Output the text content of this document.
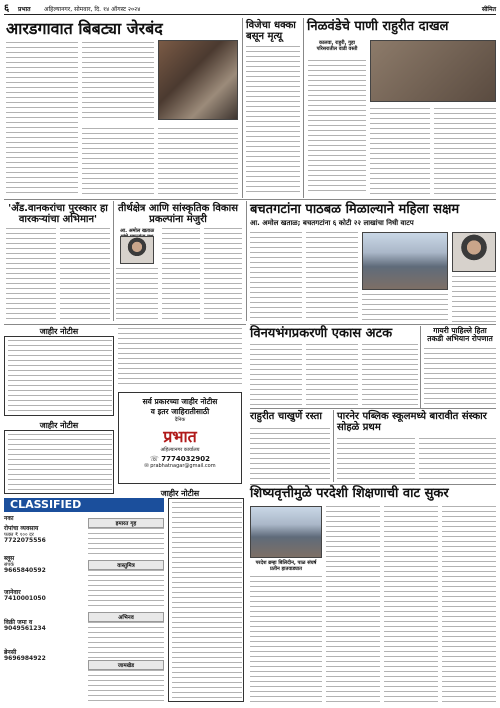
६ प्रभात अहिल्यानगर, सोमवार, दि. १४ ऑगस्ट २०२४	सीमित
आरडगावात बिबट्या जेरबंद	विजेचा धक्का बसून मृत्यू
निळवंडेचे पाणी राहुरीत दाखल
कालवा, राहुरी, गुहा परिसरातील वाडी वस्ती
'अँड.वानकरांचा पुरस्कार हा वारकऱ्यांचा अभिमान'
तीर्थक्षेत्र आणि सांस्कृतिक विकास प्रकल्पांना मंजुरी
आ. अमोल खताळ
बचतगटांना पाठबळ मिळाल्याने महिला सक्षम
आ. अमोल खताळ; बचतगटांना ६ कोटी २२ लाखांचा निधी वाटप
जाहीर नोटीस
जाहीर नोटीस
सर्व प्रकारच्या जाहीर नोटीस
व इतर जाहिरातीसाठी
दैनिक
प्रभात
अहिल्यानगर कार्यालय
☏ 7774032902
✉ prabhatnagar@gmail.com
जाहीर नोटीस
CLASSIFIED
नका
रोपांचा व्यवसाय
फक्त ₹ १०० दर
7722075556
ब्लूस
संपर्क
9665840592
जानेवार
7410001050
विक्री जमा व
9049561234
ब्रेनसी
9696984922
इमारत गृह
वास्तुमित्र
अभिनव
जामखेड
विनयभंगप्रकरणी एकास अटक	गायरी पाहिल्ले हिता तकडी अभियान रोपणात
राहुरीत चाखुर्णे रस्ता	पारनेर पब्लिक स्कूलमध्ये बारावीत संस्कार सोहळे प्रथम
शिष्यवृत्तीमुळे परदेशी शिक्षणाची वाट सुकर
परदेश ब्रम्हा बिलिदीन, पाळ संघर्ष प्रतीन हातवाड्यात
